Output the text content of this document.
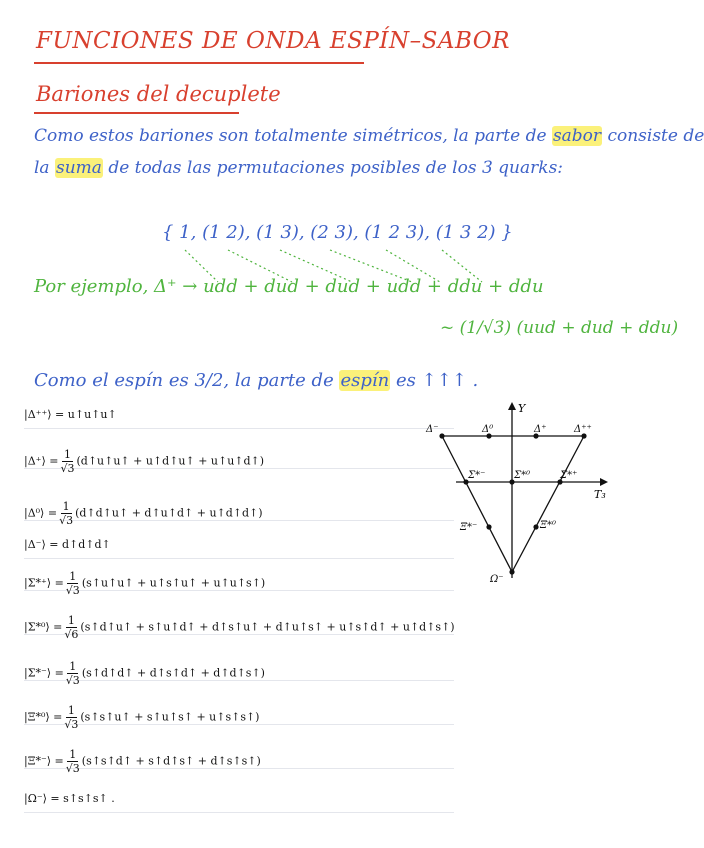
FUNCIONES DE ONDA ESPÍN–SABOR
Bariones del decuplete
Como estos bariones son totalmente simétricos, la parte de sabor consiste de
la suma de todas las permutaciones posibles de los 3 quarks:
{ 1, (1 2), (1 3), (2 3), (1 2 3), (1 3 2) }
Por ejemplo, Δ⁺ → udd + dud + dud + udd + ddu + ddu
~ (1/√3) (uud + dud + ddu)
Como el espín es 3/2, la parte de espín es ↑↑↑ .
|Δ⁺⁺⟩ = u↑u↑u↑
|Δ⁺⟩ = $\frac{1}{√3}$ (d↑u↑u↑ + u↑d↑u↑ + u↑u↑d↑)
|Δ⁰⟩ = $\frac{1}{√3}$ (d↑d↑u↑ + d↑u↑d↑ + u↑d↑d↑)
|Δ⁻⟩ = d↑d↑d↑
|Σ*⁺⟩ = $\frac{1}{√3}$ (s↑u↑u↑ + u↑s↑u↑ + u↑u↑s↑)
|Σ*⁰⟩ = $\frac{1}{√6}$ (s↑d↑u↑ + s↑u↑d↑ + d↑s↑u↑ + d↑u↑s↑ + u↑s↑d↑ + u↑d↑s↑)
|Σ*⁻⟩ = $\frac{1}{√3}$ (s↑d↑d↑ + d↑s↑d↑ + d↑d↑s↑)
|Ξ*⁰⟩ = $\frac{1}{√3}$ (s↑s↑u↑ + s↑u↑s↑ + u↑s↑s↑)
|Ξ*⁻⟩ = $\frac{1}{√3}$ (s↑s↑d↑ + s↑d↑s↑ + d↑s↑s↑)
|Ω⁻⟩ = s↑s↑s↑ .
Y
T₃
Δ⁻	Δ⁰	Δ⁺	Δ⁺⁺
Σ*⁻	Σ*⁰	Σ*⁺
Ξ*⁻	Ξ*⁰
Ω⁻
